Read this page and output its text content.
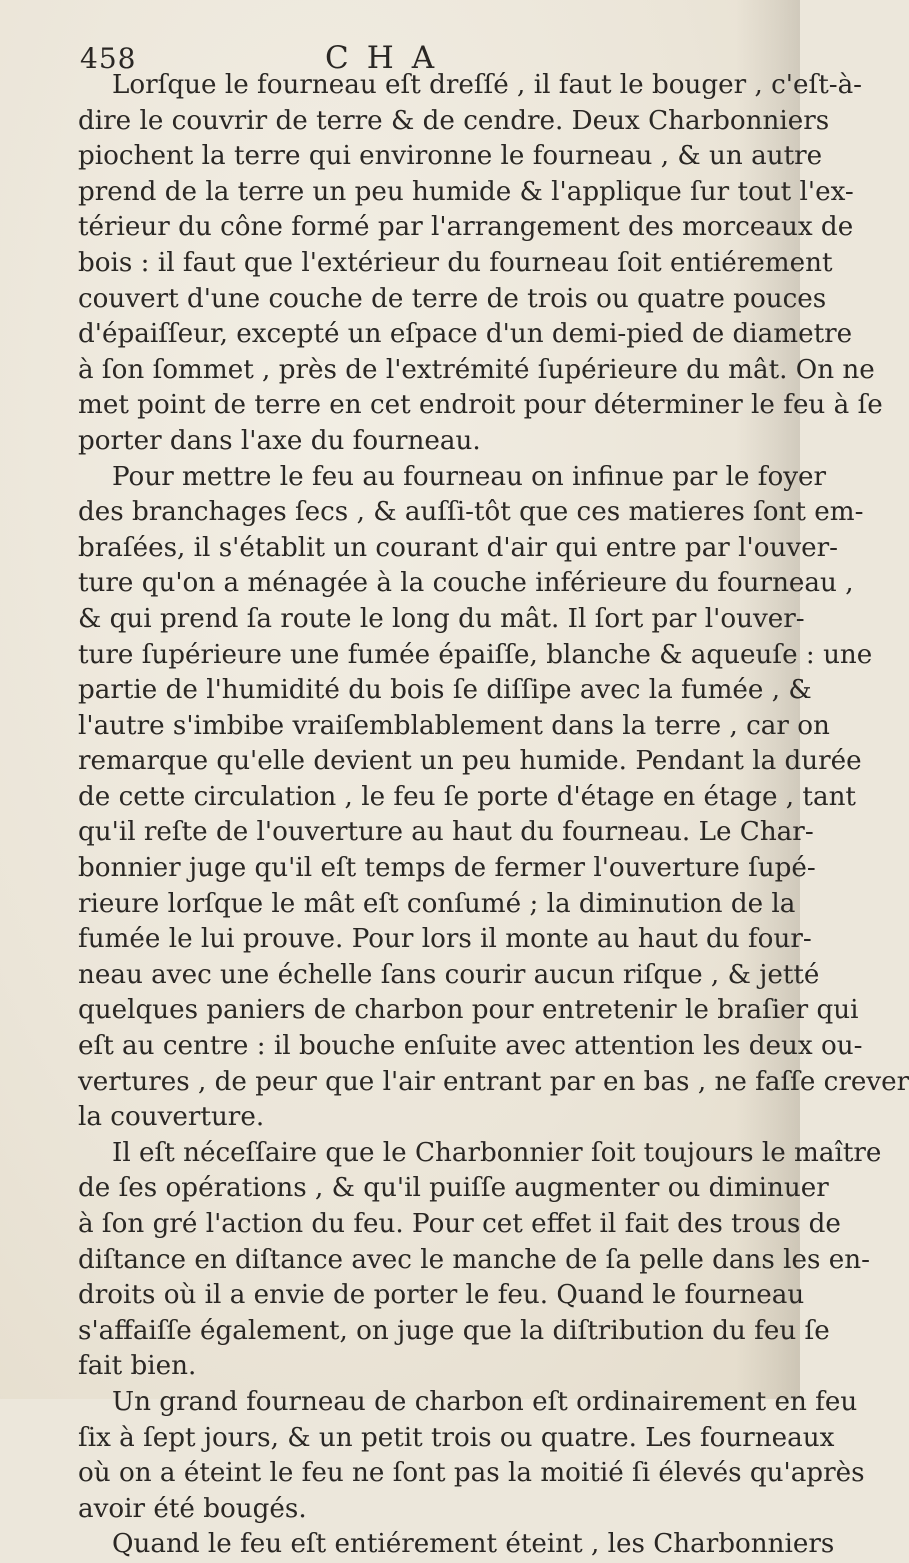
458	CHA

Lorſque le fourneau eſt dreſſé , il faut le bouger , c'eſt-à-
dire le couvrir de terre & de cendre. Deux Charbonniers
piochent la terre qui environne le fourneau , & un autre
prend de la terre un peu humide & l'applique ſur tout l'ex-
térieur du cône formé par l'arrangement des morceaux de
bois : il faut que l'extérieur du fourneau ſoit entiérement
couvert d'une couche de terre de trois ou quatre pouces
d'épaiſſeur, excepté un eſpace d'un demi-pied de diametre
à ſon ſommet , près de l'extrémité ſupérieure du mât. On ne
met point de terre en cet endroit pour déterminer le feu à ſe
porter dans l'axe du fourneau.

Pour mettre le feu au fourneau on infinue par le foyer
des branchages ſecs , & auſſi-tôt que ces matieres ſont em-
braſées, il s'établit un courant d'air qui entre par l'ouver-
ture qu'on a ménagée à la couche inférieure du fourneau ,
& qui prend ſa route le long du mât. Il ſort par l'ouver-
ture ſupérieure une fumée épaiſſe, blanche & aqueuſe : une
partie de l'humidité du bois ſe diſſipe avec la fumée , &
l'autre s'imbibe vraiſemblablement dans la terre , car on
remarque qu'elle devient un peu humide. Pendant la durée
de cette circulation , le feu ſe porte d'étage en étage , tant
qu'il reſte de l'ouverture au haut du fourneau. Le Char-
bonnier juge qu'il eſt temps de fermer l'ouverture ſupé-
rieure lorſque le mât eſt conſumé ; la diminution de la
fumée le lui prouve. Pour lors il monte au haut du four-
neau avec une échelle ſans courir aucun riſque , & jetté
quelques paniers de charbon pour entretenir le braſier qui
eſt au centre : il bouche enſuite avec attention les deux ou-
vertures , de peur que l'air entrant par en bas , ne faſſe crever
la couverture.

Il eſt néceſſaire que le Charbonnier ſoit toujours le maître
de ſes opérations , & qu'il puiſſe augmenter ou diminuer
à ſon gré l'action du feu. Pour cet effet il fait des trous de
diſtance en diſtance avec le manche de ſa pelle dans les en-
droits où il a envie de porter le feu. Quand le fourneau
s'affaiſſe également, on juge que la diſtribution du feu ſe
fait bien.

Un grand fourneau de charbon eſt ordinairement en feu
ſix à ſept jours, & un petit trois ou quatre. Les fourneaux
où on a éteint le feu ne ſont pas la moitié ſi élevés qu'après
avoir été bougés.

Quand le feu eſt entiérement éteint , les Charbonniers
